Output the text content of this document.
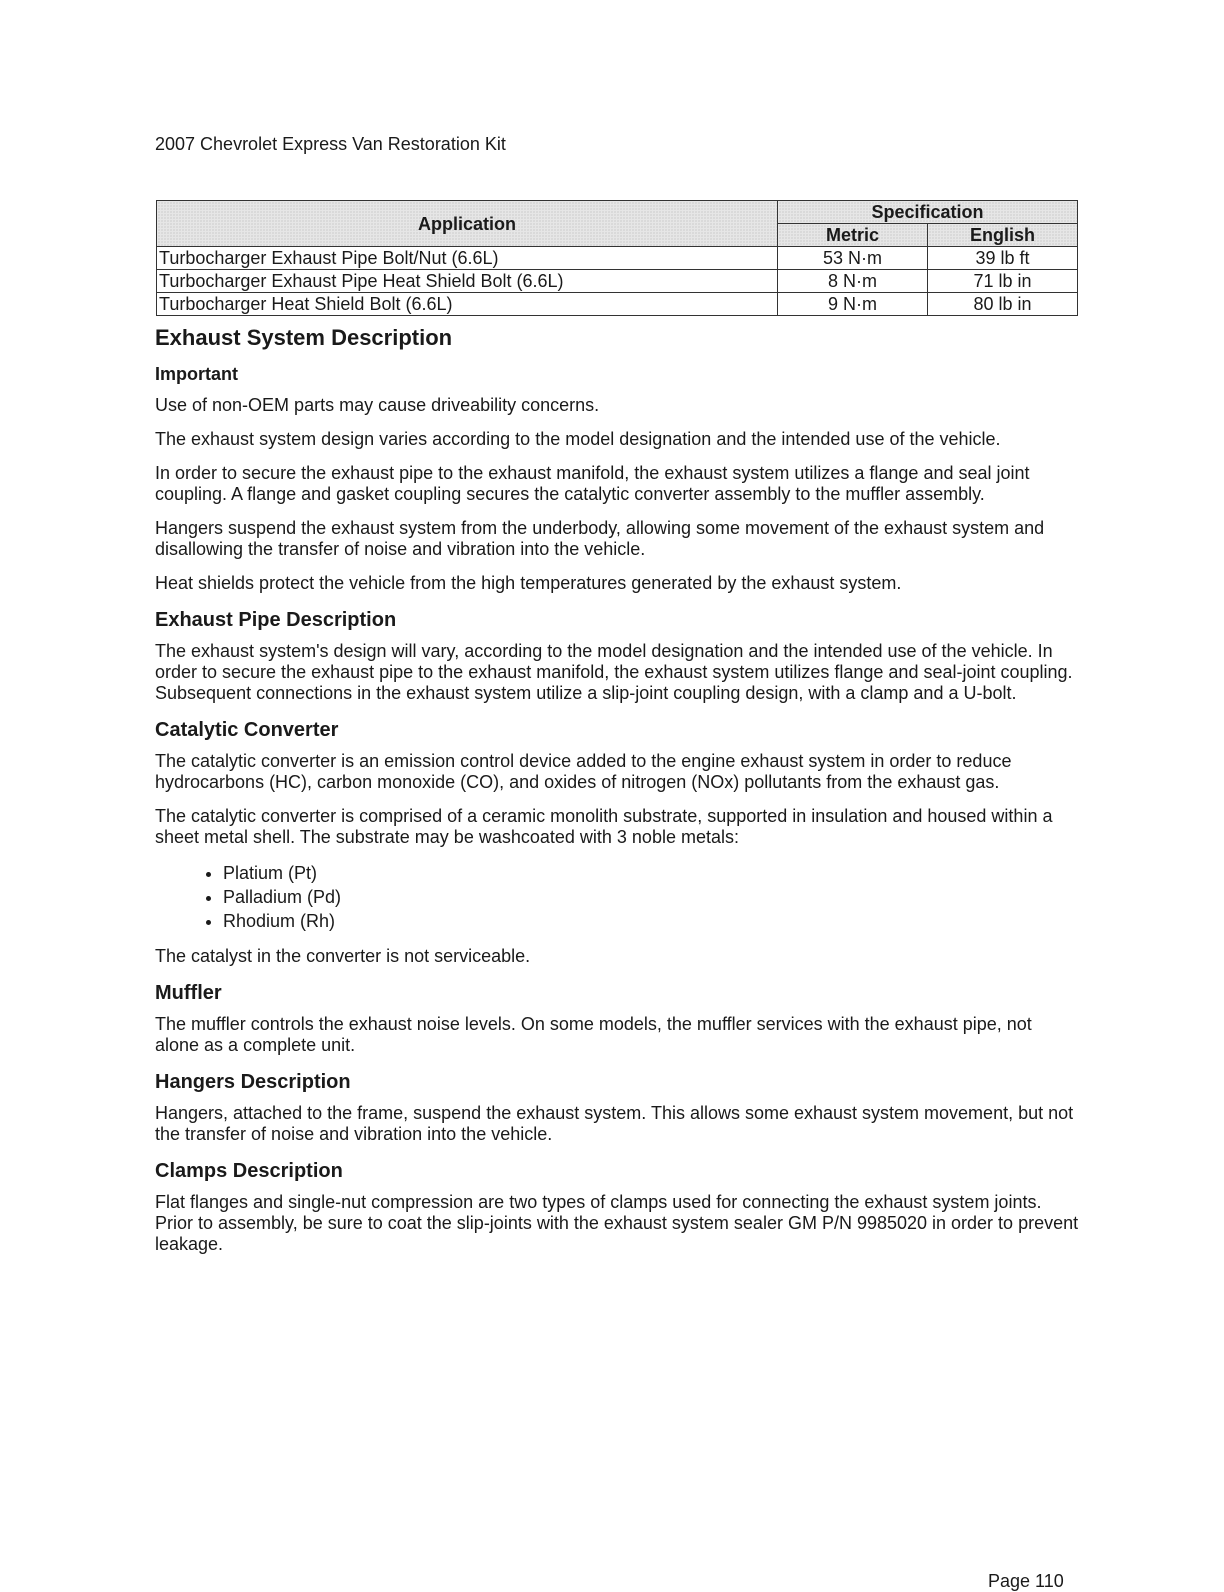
2007 Chevrolet Express Van Restoration Kit
Application	Specification	
	Metric	English
Turbocharger Exhaust Pipe Bolt/Nut (6.6L)	53 N·m	39 lb ft
Turbocharger Exhaust Pipe Heat Shield Bolt (6.6L)	8 N·m	71 lb in
Turbocharger Heat Shield Bolt (6.6L)	9 N·m	80 lb in
Exhaust System Description
Important

Use of non-OEM parts may cause driveability concerns.

The exhaust system design varies according to the model designation and the intended use of the vehicle.

In order to secure the exhaust pipe to the exhaust manifold, the exhaust system utilizes a flange and seal joint coupling. A flange and gasket coupling secures the catalytic converter assembly to the muffler assembly.

Hangers suspend the exhaust system from the underbody, allowing some movement of the exhaust system and disallowing the transfer of noise and vibration into the vehicle.

Heat shields protect the vehicle from the high temperatures generated by the exhaust system.

Exhaust Pipe Description

The exhaust system's design will vary, according to the model designation and the intended use of the vehicle. In order to secure the exhaust pipe to the exhaust manifold, the exhaust system utilizes flange and seal-joint coupling. Subsequent connections in the exhaust system utilize a slip-joint coupling design, with a clamp and a U-bolt.

Catalytic Converter

The catalytic converter is an emission control device added to the engine exhaust system in order to reduce hydrocarbons (HC), carbon monoxide (CO), and oxides of nitrogen (NOx) pollutants from the exhaust gas.

The catalytic converter is comprised of a ceramic monolith substrate, supported in insulation and housed within a sheet metal shell. The substrate may be washcoated with 3 noble metals:

• Platium (Pt)
• Palladium (Pd)
• Rhodium (Rh)

The catalyst in the converter is not serviceable.

Muffler

The muffler controls the exhaust noise levels. On some models, the muffler services with the exhaust pipe, not alone as a complete unit.

Hangers Description

Hangers, attached to the frame, suspend the exhaust system. This allows some exhaust system movement, but not the transfer of noise and vibration into the vehicle.

Clamps Description

Flat flanges and single-nut compression are two types of clamps used for connecting the exhaust system joints. Prior to assembly, be sure to coat the slip-joints with the exhaust system sealer GM P/N 9985020 in order to prevent leakage.

Page 110
